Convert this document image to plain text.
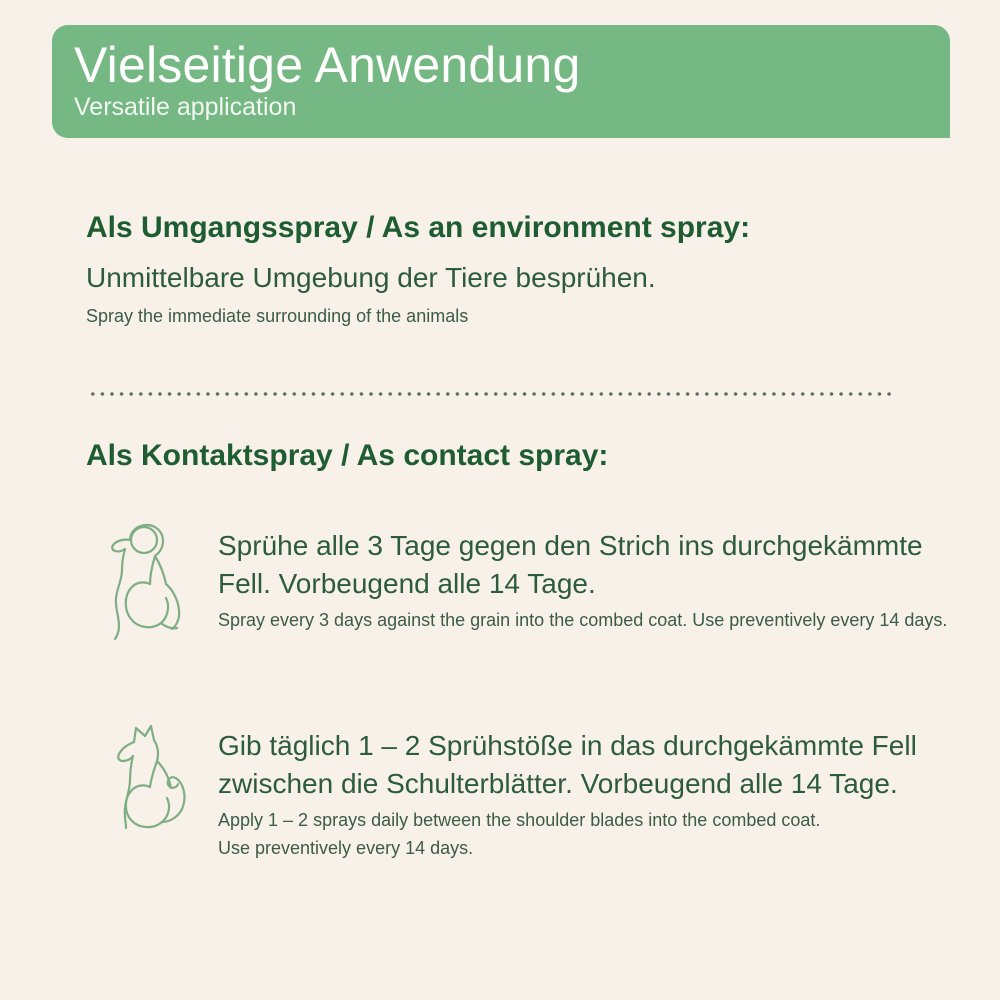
Vielseitige Anwendung
Versatile application
Als Umgangsspray / As an environment spray:
Unmittelbare Umgebung der Tiere besprühen.
Spray the immediate surrounding of the animals
Als Kontaktspray / As contact spray:
Sprühe alle 3 Tage gegen den Strich ins durchgekämmte
Fell. Vorbeugend alle 14 Tage.
Spray every 3 days against the grain into the combed coat. Use preventively every 14 days.
Gib täglich 1 – 2 Sprühstöße in das durchgekämmte Fell
zwischen die Schulterblätter. Vorbeugend alle 14 Tage.
Apply 1 – 2 sprays daily between the shoulder blades into the combed coat.
Use preventively every 14 days.
